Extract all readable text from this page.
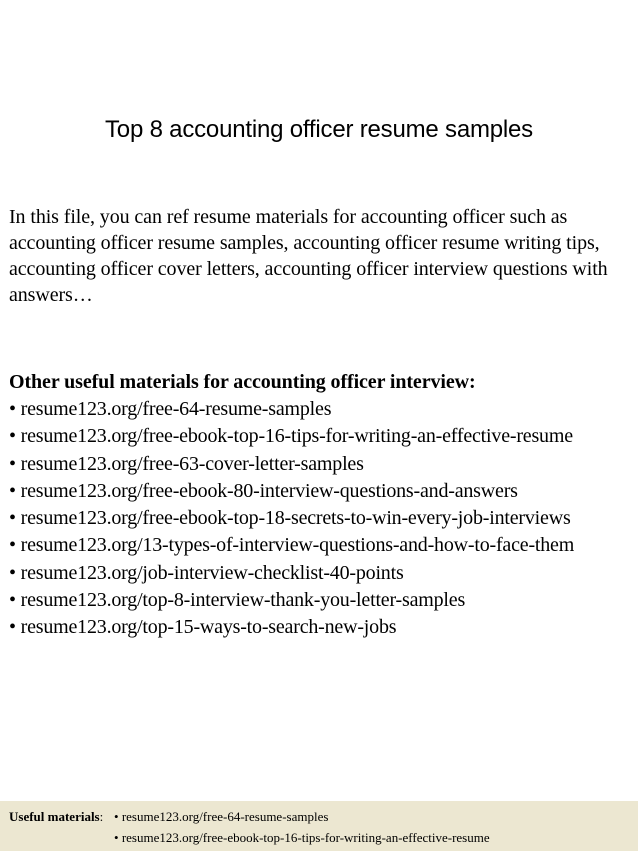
Top 8 accounting officer resume samples

In this file, you can ref resume materials for accounting officer such as accounting officer resume samples, accounting officer resume writing tips, accounting officer cover letters, accounting officer interview questions with answers…

Other useful materials for accounting officer interview:
• resume123.org/free-64-resume-samples
• resume123.org/free-ebook-top-16-tips-for-writing-an-effective-resume
• resume123.org/free-63-cover-letter-samples
• resume123.org/free-ebook-80-interview-questions-and-answers
• resume123.org/free-ebook-top-18-secrets-to-win-every-job-interviews
• resume123.org/13-types-of-interview-questions-and-how-to-face-them
• resume123.org/job-interview-checklist-40-points
• resume123.org/top-8-interview-thank-you-letter-samples
• resume123.org/top-15-ways-to-search-new-jobs
Useful materials: • resume123.org/free-64-resume-samples
• resume123.org/free-ebook-top-16-tips-for-writing-an-effective-resume
